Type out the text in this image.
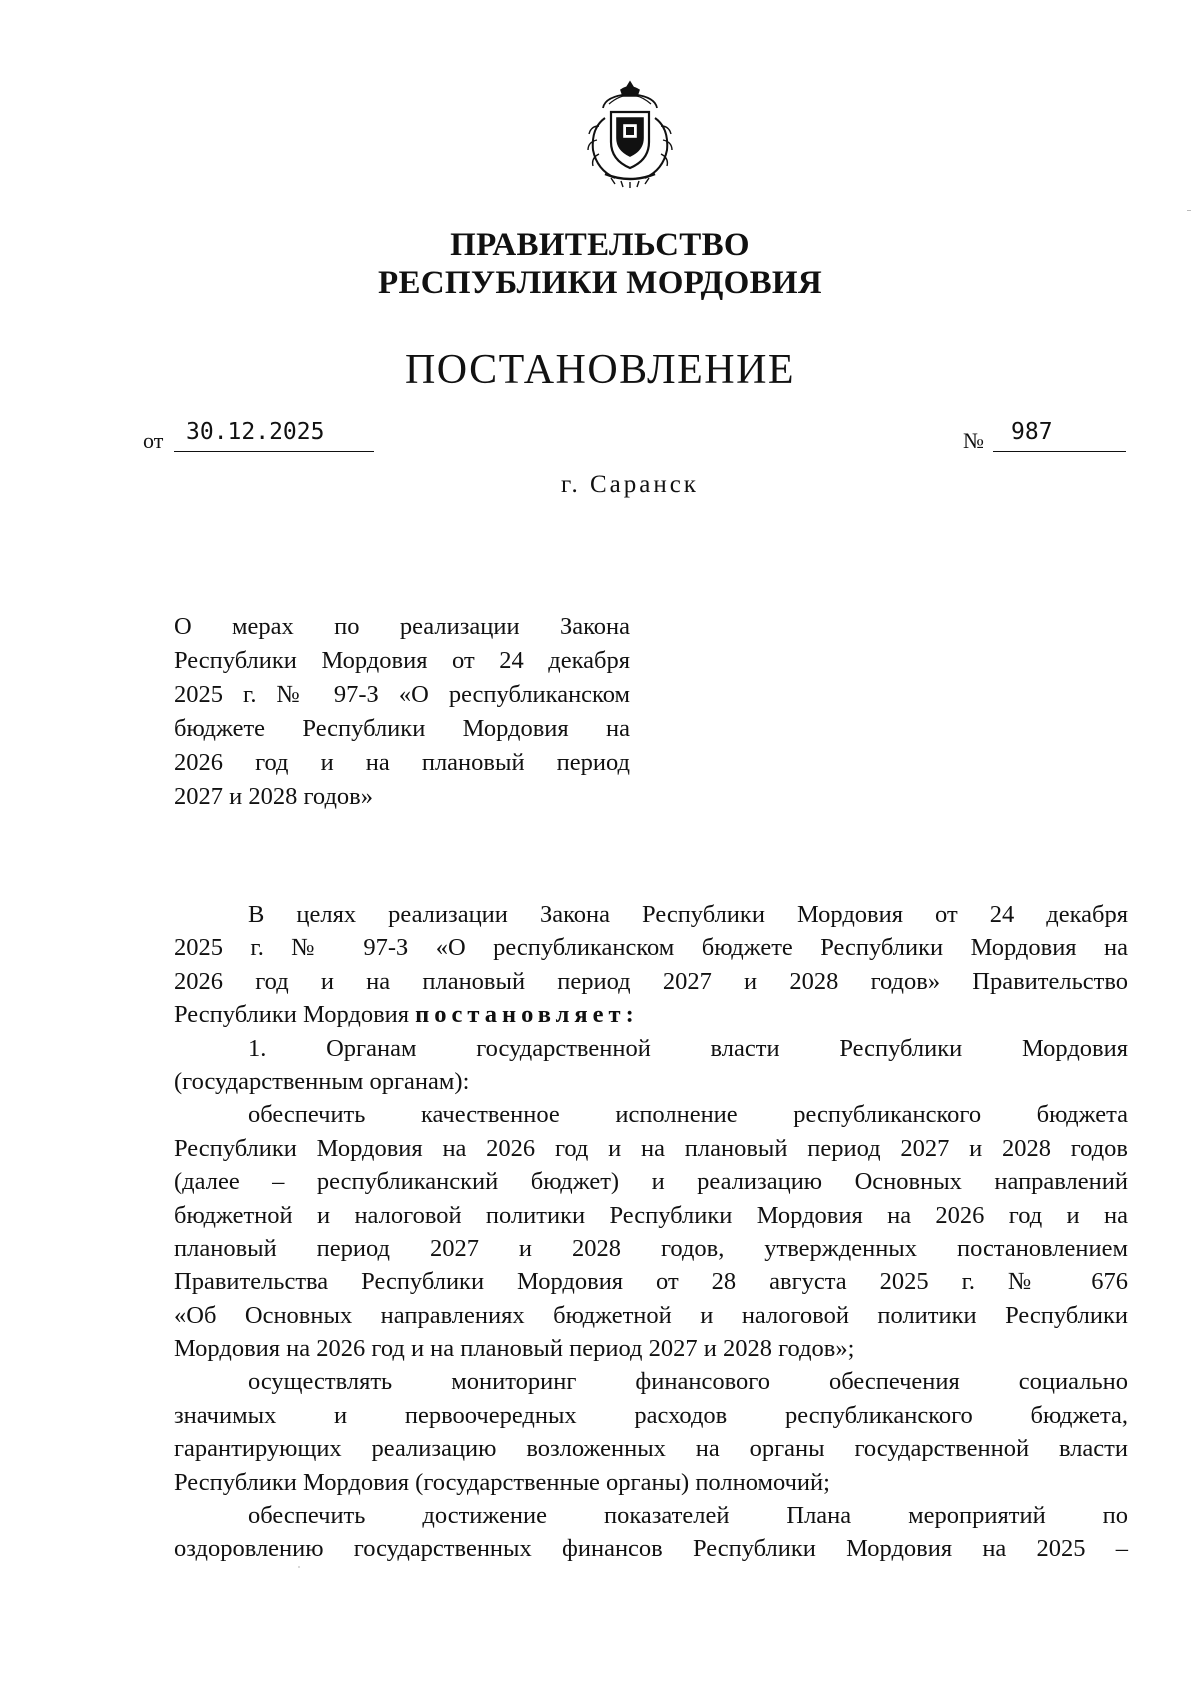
ПРАВИТЕЛЬСТВО
РЕСПУБЛИКИ МОРДОВИЯ
ПОСТАНОВЛЕНИЕ
от 30.12.2025	№ 987
г. Саранск
О мерах по реализации Закона
Республики Мордовия от 24 декабря
2025 г. № 97-З «О республиканском
бюджете Республики Мордовия на
2026 год и на плановый период
2027 и 2028 годов»
В целях реализации Закона Республики Мордовия от 24 декабря
2025 г. № 97-З «О республиканском бюджете Республики Мордовия на
2026 год и на плановый период 2027 и 2028 годов» Правительство
Республики Мордовия постановляет:
1. Органам государственной власти Республики Мордовия
(государственным органам):
обеспечить качественное исполнение республиканского бюджета
Республики Мордовия на 2026 год и на плановый период 2027 и 2028 годов
(далее – республиканский бюджет) и реализацию Основных направлений
бюджетной и налоговой политики Республики Мордовия на 2026 год и на
плановый период 2027 и 2028 годов, утвержденных постановлением
Правительства Республики Мордовия от 28 августа 2025 г. № 676
«Об Основных направлениях бюджетной и налоговой политики Республики
Мордовия на 2026 год и на плановый период 2027 и 2028 годов»;
осуществлять мониторинг финансового обеспечения социально
значимых и первоочередных расходов республиканского бюджета,
гарантирующих реализацию возложенных на органы государственной власти
Республики Мордовия (государственные органы) полномочий;
обеспечить достижение показателей Плана мероприятий по
оздоровлению государственных финансов Республики Мордовия на 2025 –
